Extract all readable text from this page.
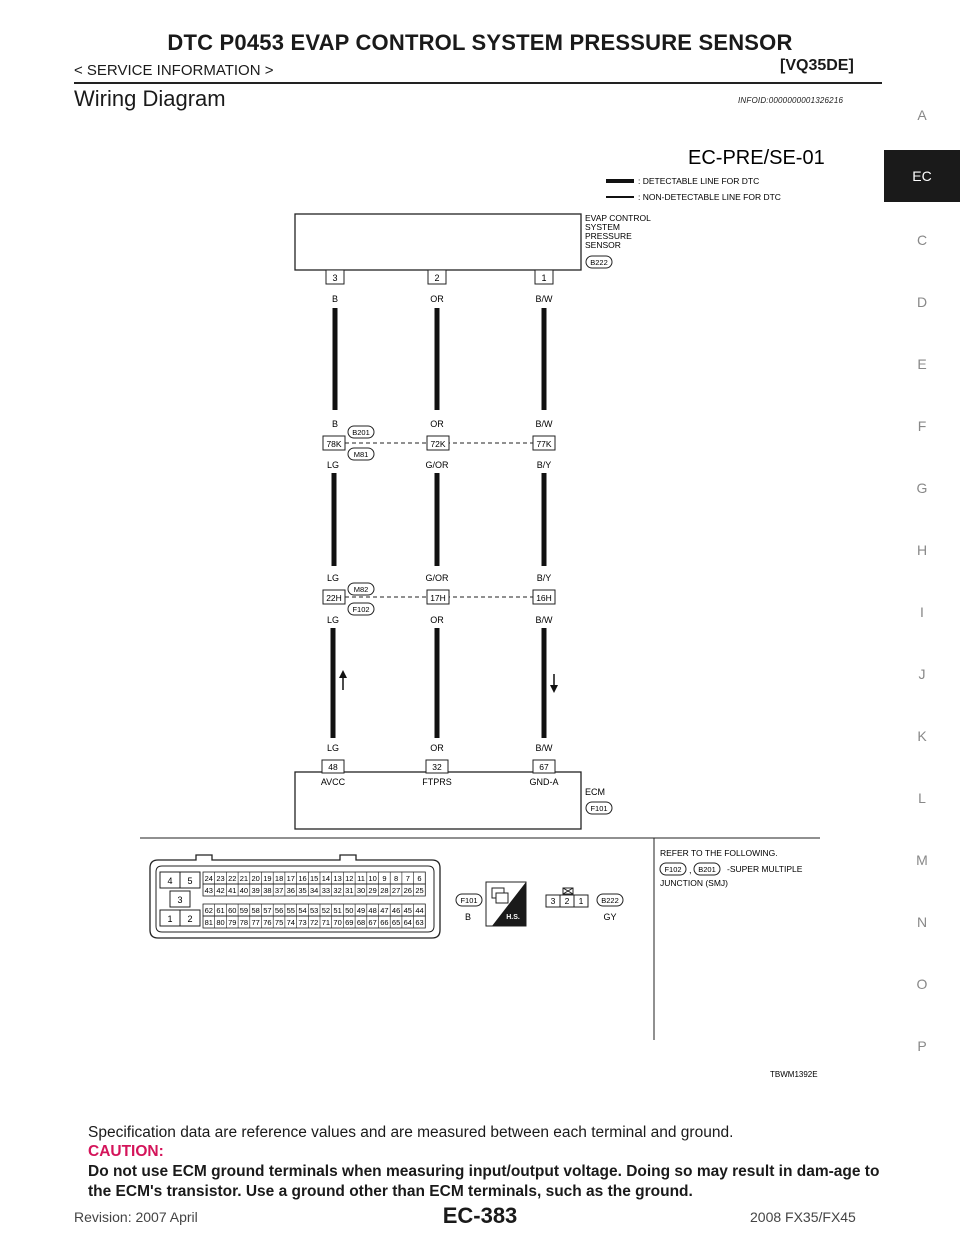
DTC P0453 EVAP CONTROL SYSTEM PRESSURE SENSOR
< SERVICE INFORMATION >	[VQ35DE]
Wiring Diagram	INFOID:0000000001326216
A
EC
C
D
E
F
G
H
I
J
K
L
M
N
O
P
EC-PRE/SE-01
: DETECTABLE LINE FOR DTC
: NON-DETECTABLE LINE FOR DTC
EVAP CONTROL
SYSTEM
PRESSURE
SENSOR
B222
3	2	1
B	OR	B/W
B	OR	B/W
B201
M81
78K	72K	77K
LG	G/OR	B/Y
LG	G/OR	B/Y
M82
F102
22H	17H	16H
LG	OR	B/W
LG	OR	B/W
48	32	67
AVCC	FTPRS	GND-A
ECM
F101
4 5
3
1 2
24 23 22 21 20 19 18 17 16 15 14 13 12 11 10 9 8 7 6
43 42 41 40 39 38 37 36 35 34 33 32 31 30 29 28 27 26 25
62 61 60 59 58 57 56 55 54 53 52 51 50 49 48 47 46 45 44
81 80 79 78 77 76 75 74 73 72 71 70 69 68 67 66 65 64 63
F101
B	H.S.
3 2 1 B222
GY
REFER TO THE FOLLOWING.
F102 , B201 -SUPER MULTIPLE
JUNCTION (SMJ)
TBWM1392E
Specification data are reference values and are measured between each terminal and ground.
CAUTION:
Do not use ECM ground terminals when measuring input/output voltage. Doing so may result in dam-age to the ECM's transistor. Use a ground other than ECM terminals, such as the ground.
Revision: 2007 April	EC-383	2008 FX35/FX45
